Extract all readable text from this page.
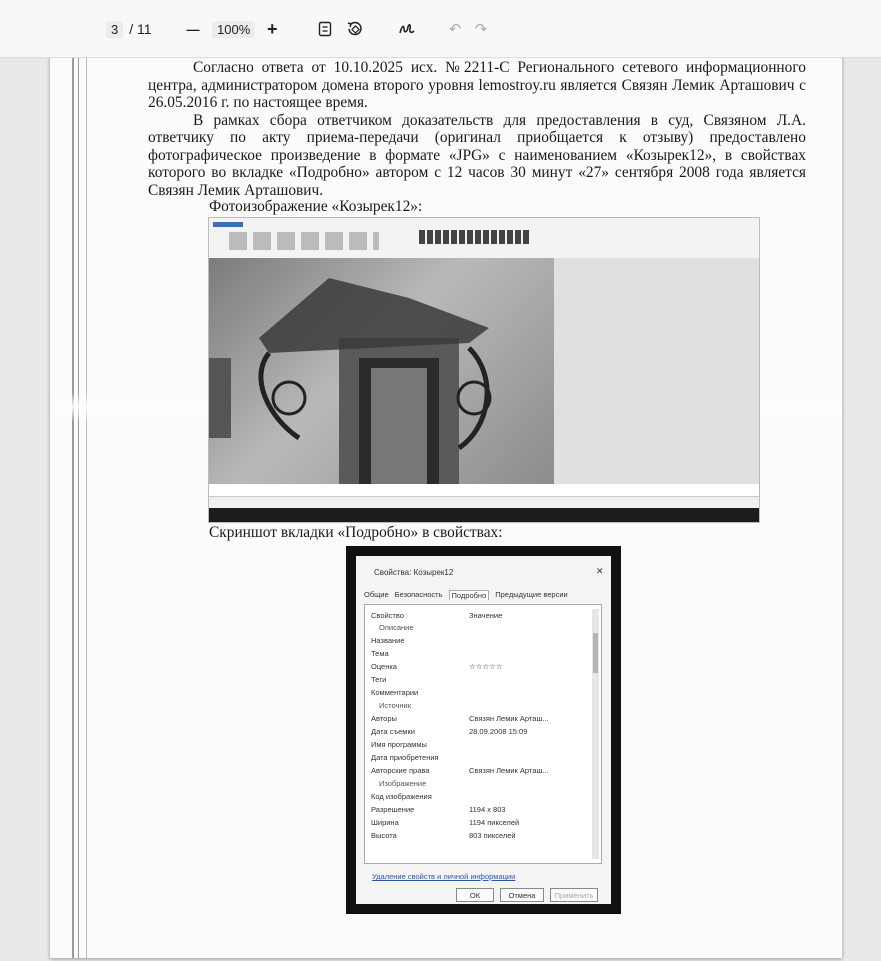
3 / 11	—	100% +	↶ ↷

Согласно ответа от 10.10.2025 исх. №2211-С Регионального сетевого информационного центра, администратором домена второго уровня lemostroy.ru является Связян Лемик Арташович с 26.05.2016 г. по настоящее время.

В рамках сбора ответчиком доказательств для предоставления в суд, Связяном Л.А. ответчику по акту приема-передачи (оригинал приобщается к отзыву) предоставлено фотографическое произведение в формате «JPG» с наименованием «Козырек12», в свойствах которого во вкладке «Подробно» автором с 12 часов 30 минут «27» сентября 2008 года является Связян Лемик Арташович.

Фотоизображение «Козырек12»:
Скриншот вкладки «Подробно» в свойствах:
Свойства: Козырек12	✕
Общие Безопасность	Подробно	Предыдущие версии
Свойство	Значение
Описание
Название
Тема
Оценка	☆☆☆☆☆
Теги
Комментарии
Источник
Авторы	Связян Лемик Арташ...
Дата съемки	28.09.2008 15:09
Имя программы
Дата приобретения
Авторские права	Связян Лемик Арташ...
Изображение
Код изображения
Разрешение	1194 x 803
Ширина	1194 пикселей
Высота	803 пикселей
Удаление свойств и личной информации
ОК	Отмена	Применить
